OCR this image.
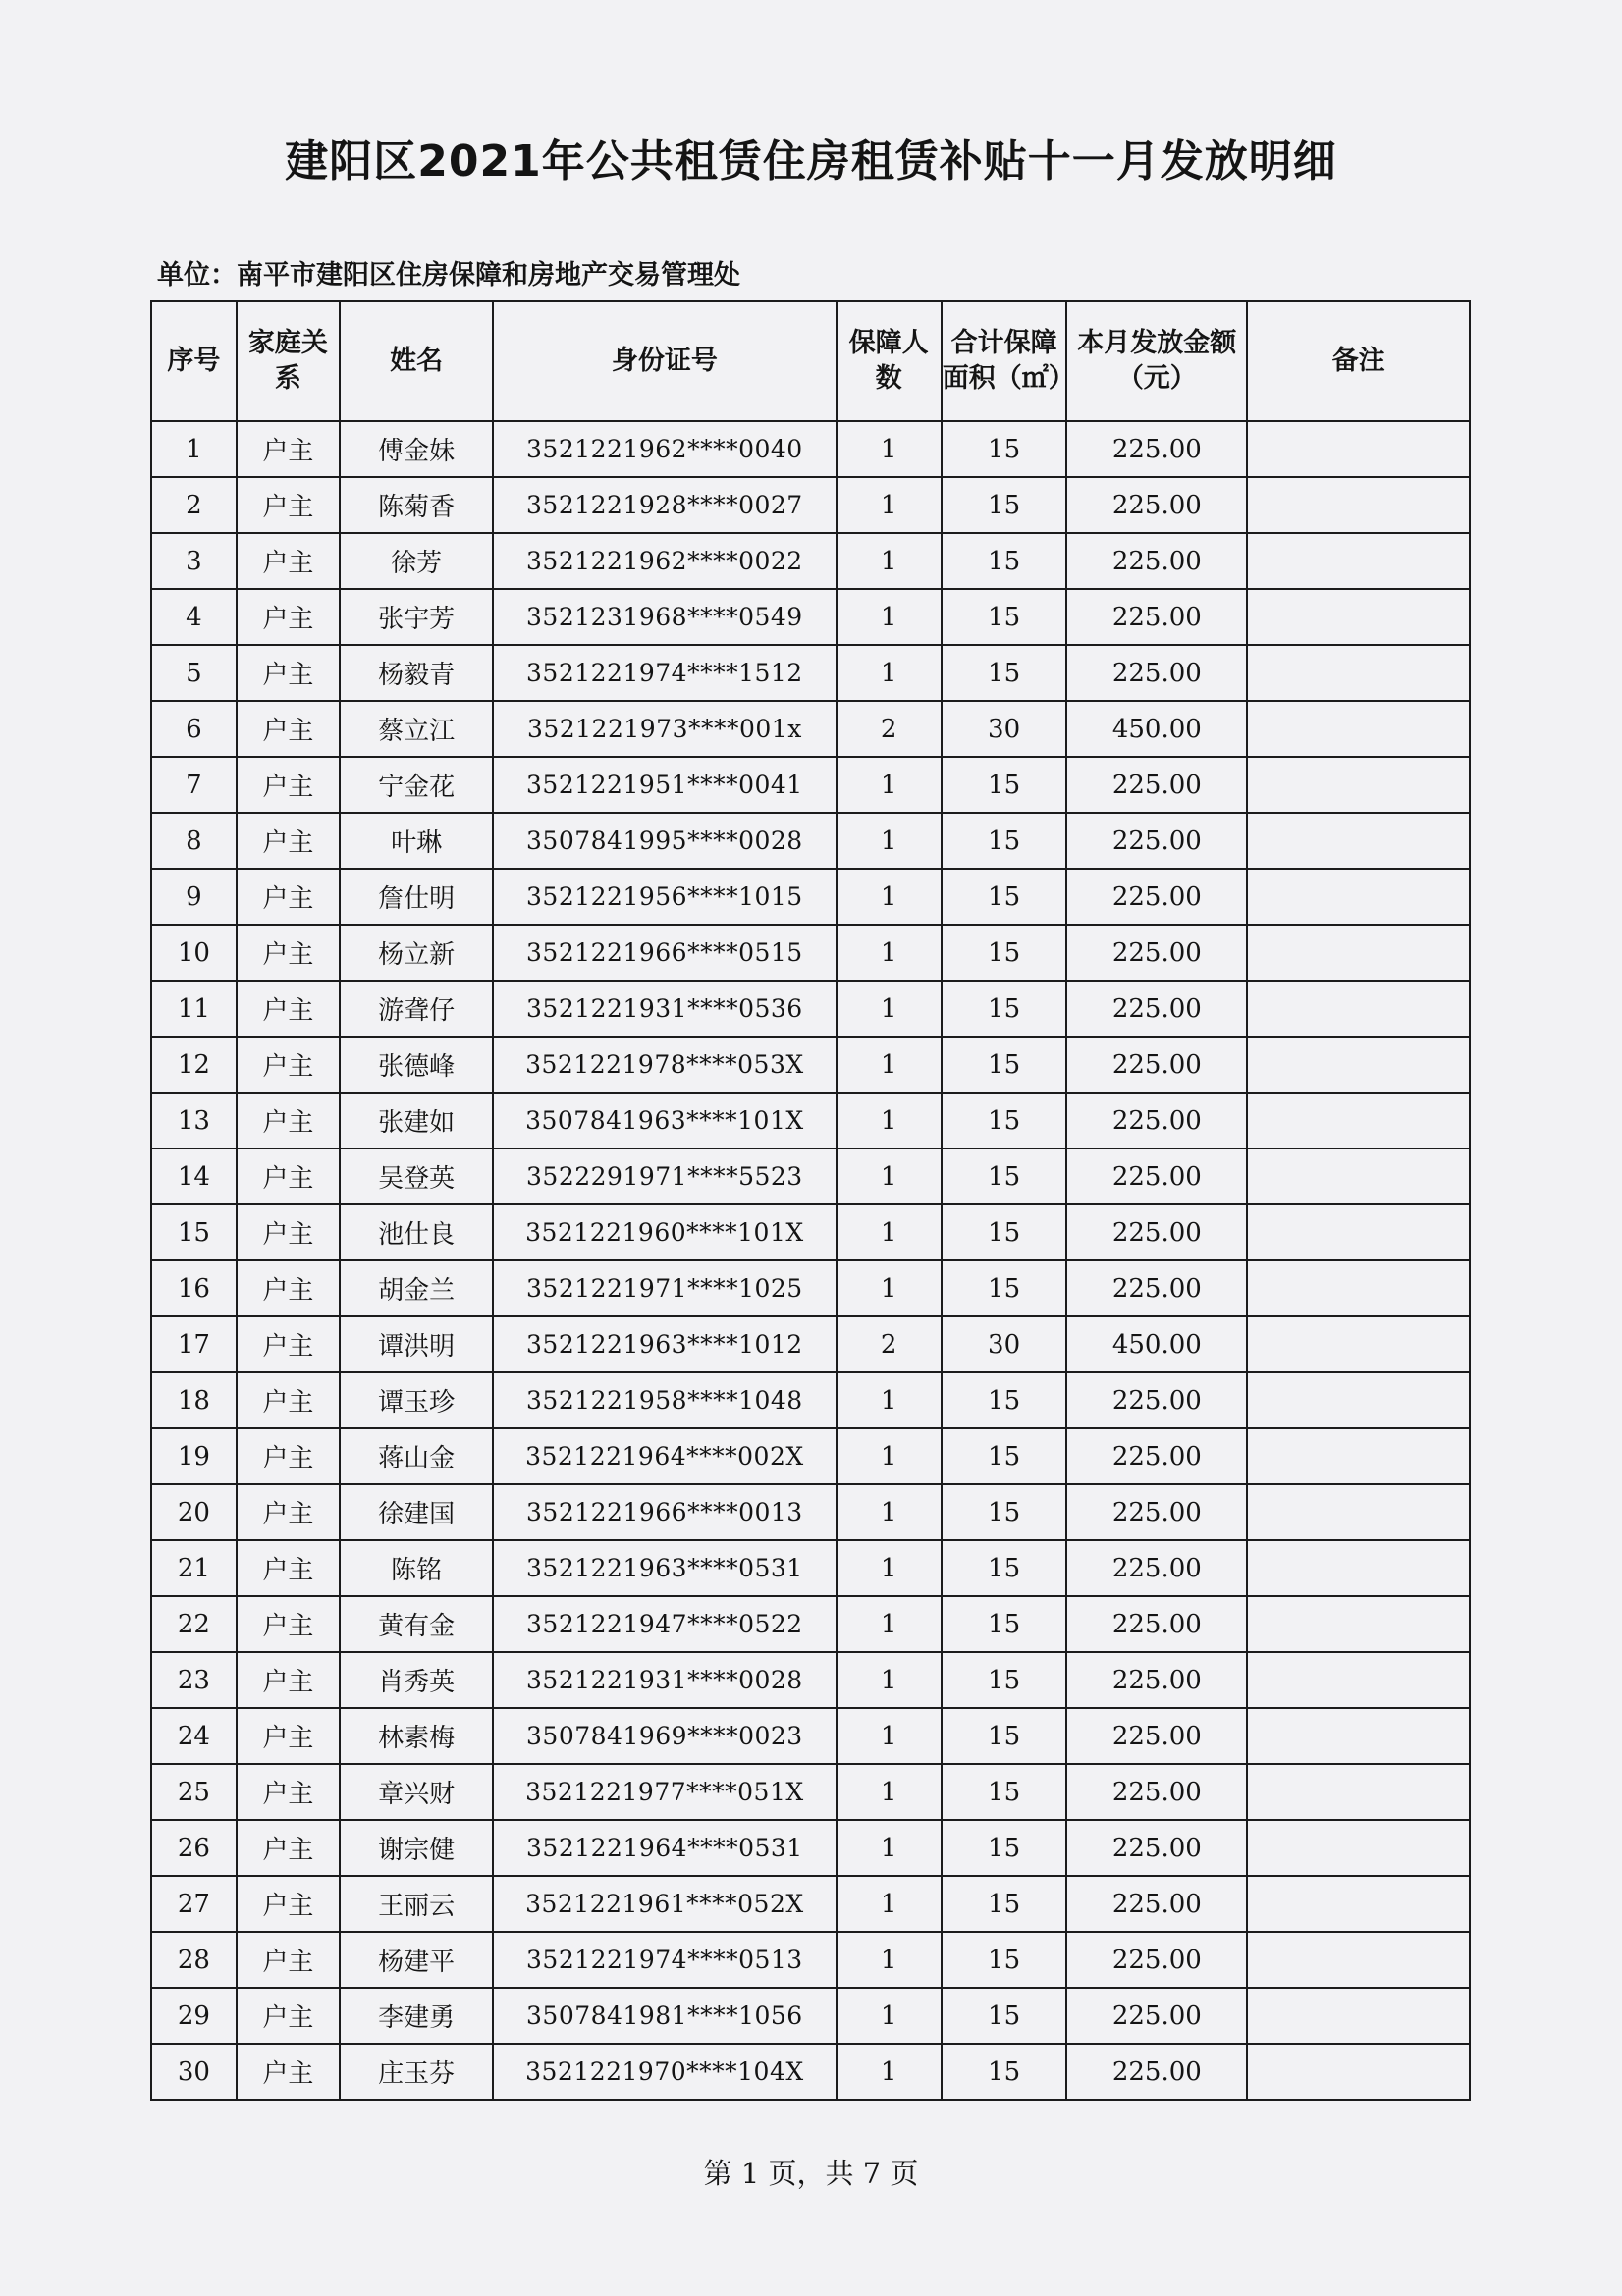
建阳区2021年公共租赁住房租赁补贴十一月发放明细
单位：南平市建阳区住房保障和房地产交易管理处
序号	家庭关系	姓名	身份证号	保障人数	合计保障面积（㎡）	本月发放金额（元）	备注
1	户主	傅金妹	3521221962****0040	1	15	225.00	
2	户主	陈菊香	3521221928****0027	1	15	225.00	
3	户主	徐芳	3521221962****0022	1	15	225.00	
4	户主	张宇芳	3521231968****0549	1	15	225.00	
5	户主	杨毅青	3521221974****1512	1	15	225.00	
6	户主	蔡立江	3521221973****001x	2	30	450.00	
7	户主	宁金花	3521221951****0041	1	15	225.00	
8	户主	叶琳	3507841995****0028	1	15	225.00	
9	户主	詹仕明	3521221956****1015	1	15	225.00	
10	户主	杨立新	3521221966****0515	1	15	225.00	
11	户主	游聋仔	3521221931****0536	1	15	225.00	
12	户主	张德峰	3521221978****053X	1	15	225.00	
13	户主	张建如	3507841963****101X	1	15	225.00	
14	户主	吴登英	3522291971****5523	1	15	225.00	
15	户主	池仕良	3521221960****101X	1	15	225.00	
16	户主	胡金兰	3521221971****1025	1	15	225.00	
17	户主	谭洪明	3521221963****1012	2	30	450.00	
18	户主	谭玉珍	3521221958****1048	1	15	225.00	
19	户主	蒋山金	3521221964****002X	1	15	225.00	
20	户主	徐建国	3521221966****0013	1	15	225.00	
21	户主	陈铭	3521221963****0531	1	15	225.00	
22	户主	黄有金	3521221947****0522	1	15	225.00	
23	户主	肖秀英	3521221931****0028	1	15	225.00	
24	户主	林素梅	3507841969****0023	1	15	225.00	
25	户主	章兴财	3521221977****051X	1	15	225.00	
26	户主	谢宗健	3521221964****0531	1	15	225.00	
27	户主	王丽云	3521221961****052X	1	15	225.00	
28	户主	杨建平	3521221974****0513	1	15	225.00	
29	户主	李建勇	3507841981****1056	1	15	225.00	
30	户主	庄玉芬	3521221970****104X	1	15	225.00	
第 1 页，共 7 页
